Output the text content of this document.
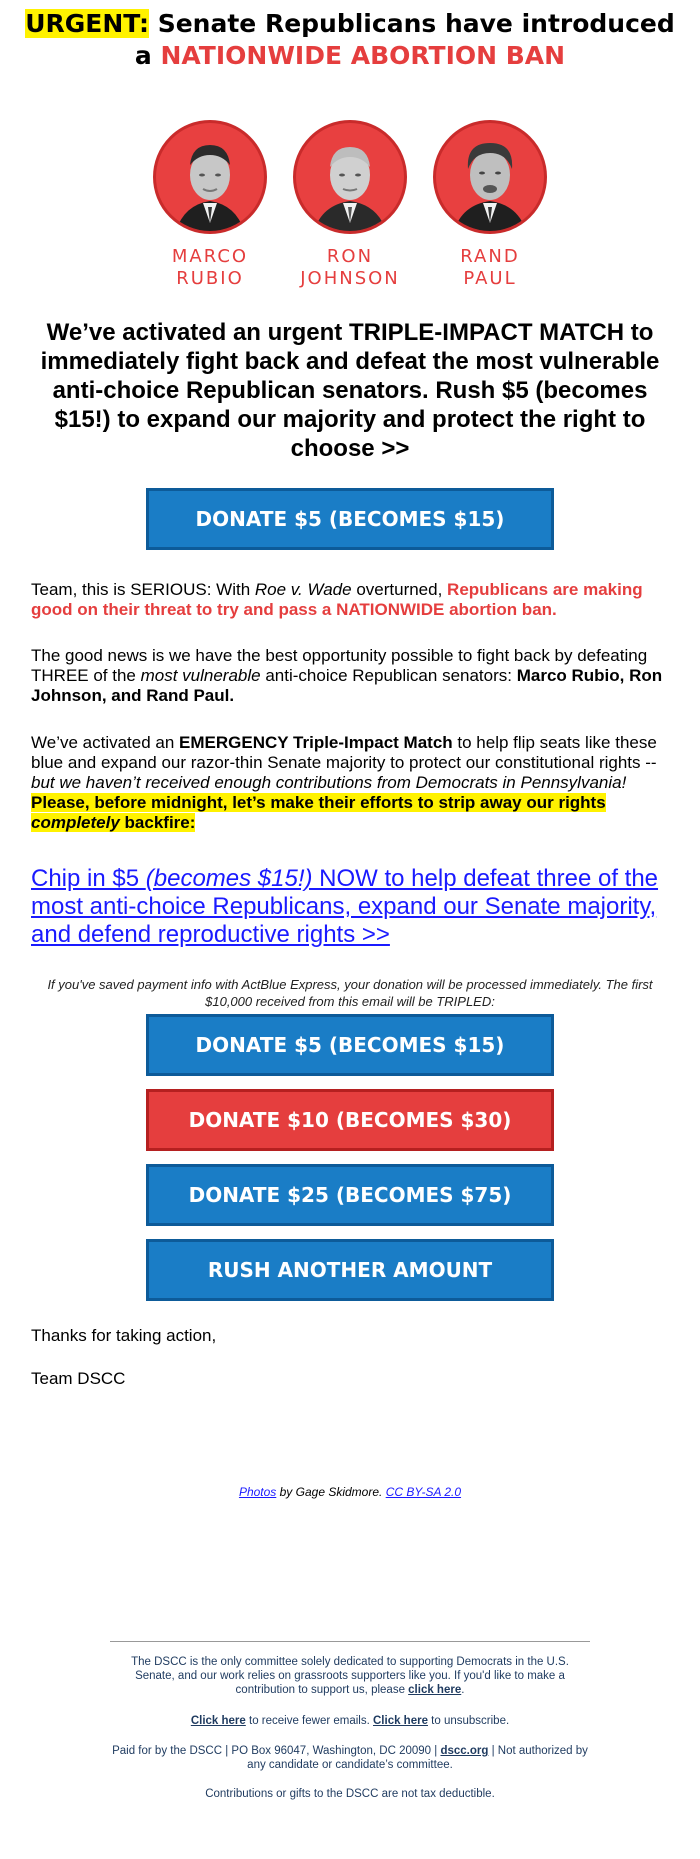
URGENT: Senate Republicans have introduced a NATIONWIDE ABORTION BAN
MARCO
RUBIO
RON
JOHNSON
RAND
PAUL
We’ve activated an urgent TRIPLE-IMPACT MATCH to immediately fight back and defeat the most vulnerable anti-choice Republican senators. Rush $5 (becomes $15!) to expand our majority and protect the right to choose >>
DONATE $5 (BECOMES $15)
Team, this is SERIOUS: With Roe v. Wade overturned, Republicans are making good on their threat to try and pass a NATIONWIDE abortion ban.
The good news is we have the best opportunity possible to fight back by defeating THREE of the most vulnerable anti-choice Republican senators: Marco Rubio, Ron Johnson, and Rand Paul.
We’ve activated an EMERGENCY Triple-Impact Match to help flip seats like these blue and expand our razor-thin Senate majority to protect our constitutional rights -- but we haven’t received enough contributions from Democrats in Pennsylvania! Please, before midnight, let’s make their efforts to strip away our rights completely backfire:
Chip in $5 (becomes $15!) NOW to help defeat three of the most anti-choice Republicans, expand our Senate majority, and defend reproductive rights >>
If you've saved payment info with ActBlue Express, your donation will be processed immediately. The first $10,000 received from this email will be TRIPLED:
DONATE $5 (BECOMES $15)
DONATE $10 (BECOMES $30)
DONATE $25 (BECOMES $75)
RUSH ANOTHER AMOUNT
Thanks for taking action,
Team DSCC
Photos by Gage Skidmore. CC BY-SA 2.0
The DSCC is the only committee solely dedicated to supporting Democrats in the U.S. Senate, and our work relies on grassroots supporters like you. If you'd like to make a contribution to support us, please click here.
Click here to receive fewer emails. Click here to unsubscribe.
Paid for by the DSCC | PO Box 96047, Washington, DC 20090 | dscc.org | Not authorized by any candidate or candidate’s committee.
Contributions or gifts to the DSCC are not tax deductible.
